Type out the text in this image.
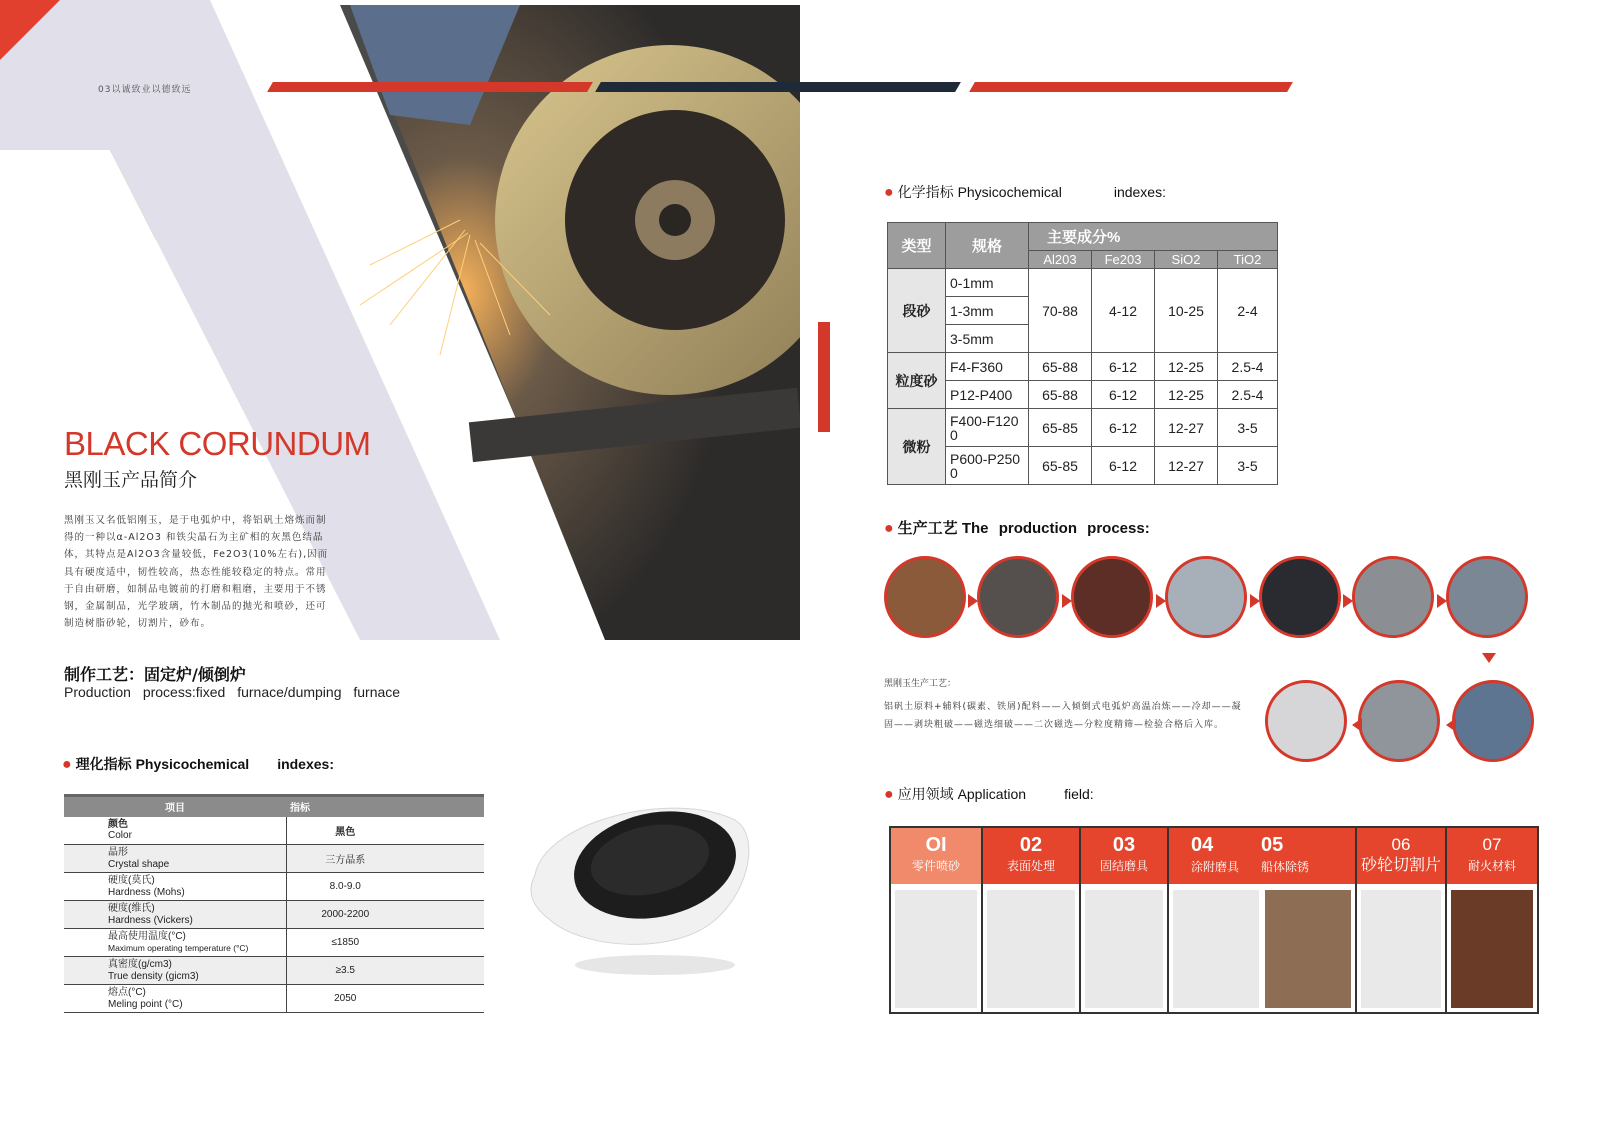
03以诚致业以德致远
BLACK CORUNDUM
黑刚玉产品简介
黑刚玉又名低铝刚玉，是于电弧炉中，将铝矾土熔炼而制得的一种以α-Al2O3 和铁尖晶石为主矿相的灰黑色结晶体，其特点是Al2O3含量较低，Fe2O3(10%左右),因而具有硬度适中，韧性较高，热态性能较稳定的特点。常用于自由研磨，如制品电镀前的打磨和粗磨，主要用于不锈钢，金属制品，光学玻璃，竹木制品的抛光和喷砂，还可制造树脂砂轮，切割片，砂布。
制作工艺：固定炉/倾倒炉
Production process:fixed furnace/dumping furnace
● 理化指标 Physicochemical indexes:
项目	指标
颜色
Color	黑色
晶形
Crystal shape	三方晶系
硬度(莫氏)
Hardness (Mohs)	8.0-9.0
硬度(维氏)
Hardness (Vickers)	2000-2200
最高使用温度(°C)
Maximum operating temperature (°C)	≤1850
真密度(g/cm3)
True density (gicm3)	≥3.5
熔点(°C)
Meling point (°C)	2050
● 化学指标 Physicochemical	indexes:
类型	规格	主要成分%			
		Al203	Fe203	SiO2	TiO2
段砂	0-1mm	70-88	4-12	10-25	2-4
	1-3mm				
	3-5mm				
粒度砂	F4-F360	65-88	6-12	12-25	2.5-4
	P12-P400	65-88	6-12	12-25	2.5-4
微粉	F400-F120
0	65-85	6-12	12-27	3-5
	P600-P250
0	65-85	6-12	12-27	3-5
● 生产工艺 The production process:
黑刚玉生产工艺：
铝矾土原料+辅料(碳素、铁屑)配料——入倾倒式电弧炉高温冶炼——冷却——凝固——剥块粗破——磁选细破——二次磁选—分粒度精筛—检验合格后入库。
● 应用领域 Application	field:
OI
零件喷砂
02
表面处理
03
固结磨具
04 05
涂附磨具 船体除锈
06
砂轮切割片
07
耐火材料
